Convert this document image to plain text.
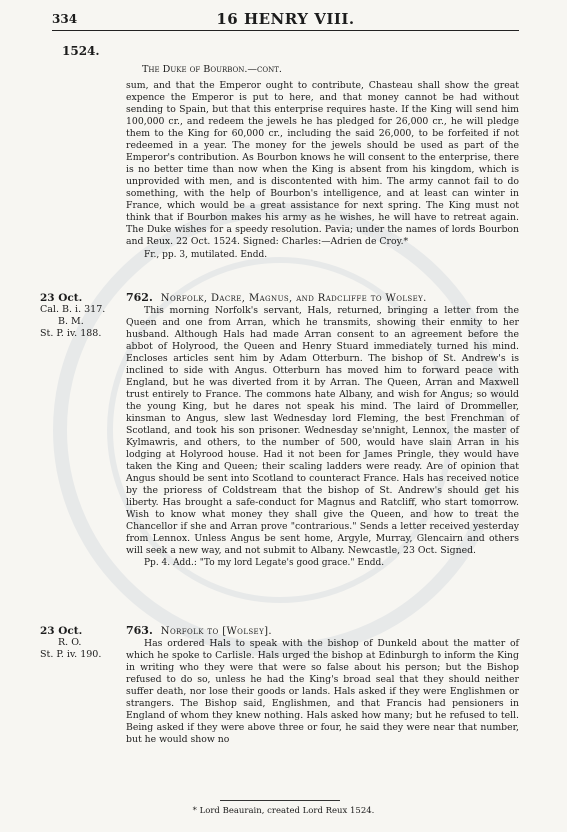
334	16 HENRY VIII.
1524.
The Duke of Bourbon.—cont.

sum, and that the Emperor ought to contribute, Chasteau shall show the great expence the Emperor is put to here, and that money cannot be had without sending to Spain, but that this enterprise requires haste. If the King will send him 100,000 cr., and redeem the jewels he has pledged for 26,000 cr., he will pledge them to the King for 60,000 cr., including the said 26,000, to be forfeited if not redeemed in a year. The money for the jewels should be used as part of the Emperor's contribution. As Bourbon knows he will consent to the enterprise, there is no better time than now when the King is absent from his kingdom, which is unprovided with men, and is discontented with him. The army cannot fail to do something, with the help of Bourbon's intelligence, and at least can winter in France, which would be a great assistance for next spring. The King must not think that if Bourbon makes his army as he wishes, he will have to retreat again. The Duke wishes for a speedy resolution. Pavia; under the names of lords Bourbon and Reux. 22 Oct. 1524. Signed: Charles:—Adrien de Croy.*

Fr., pp. 3, mutilated. Endd.

23 Oct.
Cal. B. i. 317.
B. M.
St. P. iv. 188.
762. Norfolk, Dacre, Magnus, and Radcliffe to Wolsey.

This morning Norfolk's servant, Hals, returned, bringing a letter from the Queen and one from Arran, which he transmits, showing their enmity to her husband. Although Hals had made Arran consent to an agreement before the abbot of Holyrood, the Queen and Henry Stuard immediately turned his mind. Encloses articles sent him by Adam Otterburn. The bishop of St. Andrew's is inclined to side with Angus. Otterburn has moved him to forward peace with England, but he was diverted from it by Arran. The Queen, Arran and Maxwell trust entirely to France. The commons hate Albany, and wish for Angus; so would the young King, but he dares not speak his mind. The laird of Drommeller, kinsman to Angus, slew last Wednesday lord Fleming, the best Frenchman of Scotland, and took his son prisoner. Wednesday se'nnight, Lennox, the master of Kylmawris, and others, to the number of 500, would have slain Arran in his lodging at Holyrood house. Had it not been for James Pringle, they would have taken the King and Queen; their scaling ladders were ready. Are of opinion that Angus should be sent into Scotland to counteract France. Hals has received notice by the prioress of Coldstream that the bishop of St. Andrew's should get his liberty. Has brought a safe-conduct for Magnus and Ratcliff, who start tomorrow. Wish to know what money they shall give the Queen, and how to treat the Chancellor if she and Arran prove "contrarious." Sends a letter received yesterday from Lennox. Unless Angus be sent home, Argyle, Murray, Glencairn and others will seek a new way, and not submit to Albany. Newcastle, 23 Oct. Signed.

Pp. 4. Add.: "To my lord Legate's good grace." Endd.

23 Oct.
R. O.
St. P. iv. 190.
763. Norfolk to [Wolsey].

Has ordered Hals to speak with the bishop of Dunkeld about the matter of which he spoke to Carlisle. Hals urged the bishop at Edinburgh to inform the King in writing who they were that were so false about his person; but the Bishop refused to do so, unless he had the King's broad seal that they should neither suffer death, nor lose their goods or lands. Hals asked if they were Englishmen or strangers. The Bishop said, Englishmen, and that Francis had pensioners in England of whom they knew nothing. Hals asked how many; but he refused to tell. Being asked if they were above three or four, he said they were near that number, but he would show no

* Lord Beaurain, created Lord Reux 1524.
